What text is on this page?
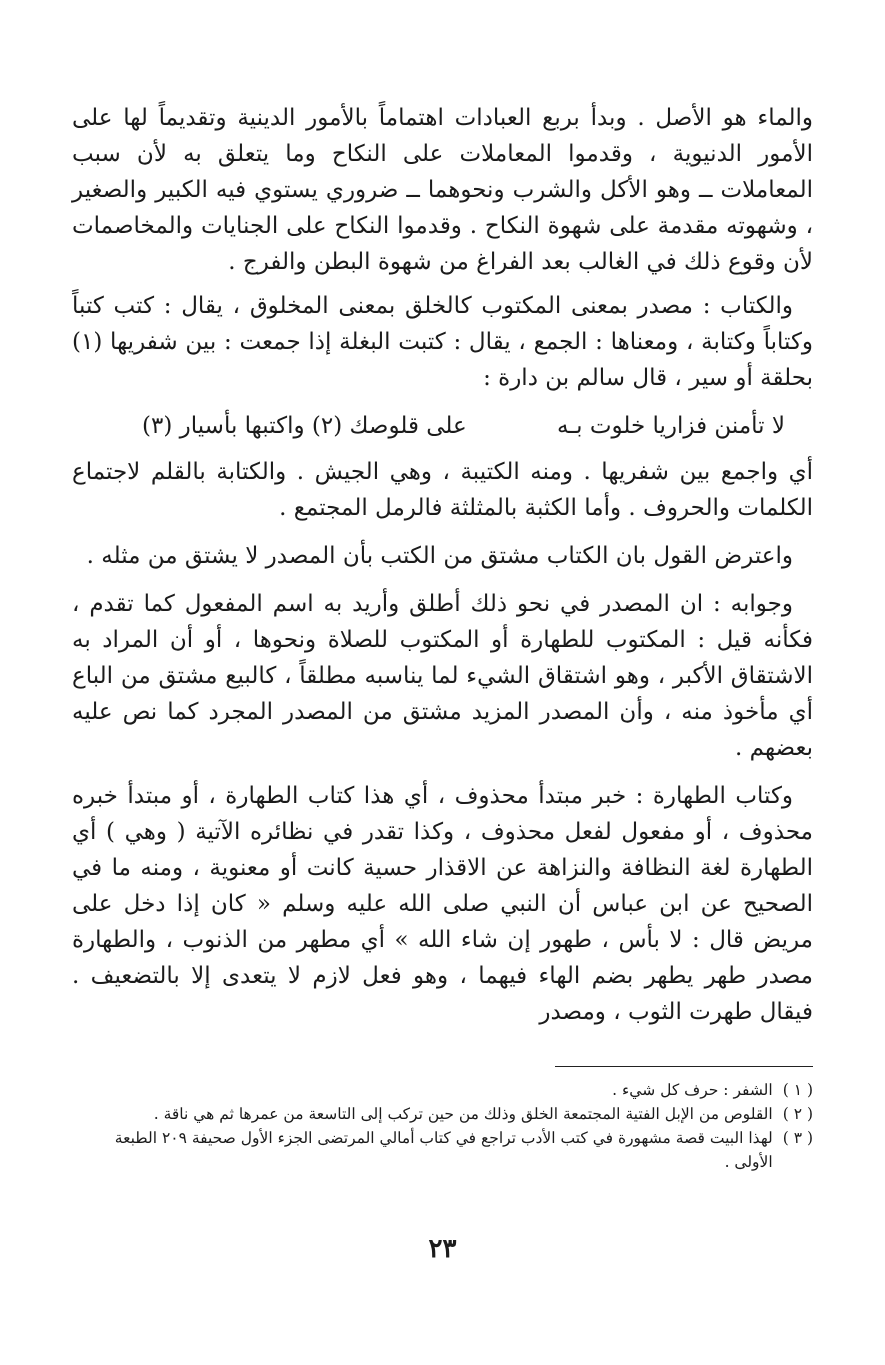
والماء هو الأصل . وبدأ بربع العبادات اهتماماً بالأمور الدينية وتقديماً لها على الأمور الدنيوية ، وقدموا المعاملات على النكاح وما يتعلق به لأن سبب المعاملات ــ وهو الأكل والشرب ونحوهما ــ ضروري يستوي فيه الكبير والصغير ، وشهوته مقدمة على شهوة النكاح . وقدموا النكاح على الجنايات والمخاصمات لأن وقوع ذلك في الغالب بعد الفراغ من شهوة البطن والفرج .

والكتاب : مصدر بمعنى المكتوب كالخلق بمعنى المخلوق ، يقال : كتب كتباً وكتاباً وكتابة ، ومعناها : الجمع ، يقال : كتبت البغلة إذا جمعت : بين شفريها (١) بحلقة أو سير ، قال سالم بن دارة :

لا تأمنن فزاريا خلوت بـه
على قلوصك (٢) واكتبها بأسيار (٣)

أي واجمع بين شفريها . ومنه الكتيبة ، وهي الجيش . والكتابة بالقلم لاجتماع الكلمات والحروف . وأما الكثبة بالمثلثة فالرمل المجتمع .

واعترض القول بان الكتاب مشتق من الكتب بأن المصدر لا يشتق من مثله .

وجوابه : ان المصدر في نحو ذلك أطلق وأريد به اسم المفعول كما تقدم ، فكأنه قيل : المكتوب للطهارة أو المكتوب للصلاة ونحوها ، أو أن المراد به الاشتقاق الأكبر ، وهو اشتقاق الشيء لما يناسبه مطلقاً ، كالبيع مشتق من الباع أي مأخوذ منه ، وأن المصدر المزيد مشتق من المصدر المجرد كما نص عليه بعضهم .

وكتاب الطهارة : خبر مبتدأ محذوف ، أي هذا كتاب الطهارة ، أو مبتدأ خبره محذوف ، أو مفعول لفعل محذوف ، وكذا تقدر في نظائره الآتية ( وهي ) أي الطهارة لغة النظافة والنزاهة عن الاقذار حسية كانت أو معنوية ، ومنه ما في الصحيح عن ابن عباس أن النبي صلى الله عليه وسلم « كان إذا دخل على مريض قال : لا بأس ، طهور إن شاء الله » أي مطهر من الذنوب ، والطهارة مصدر طهر يطهر بضم الهاء فيهما ، وهو فعل لازم لا يتعدى إلا بالتضعيف . فيقال طهرت الثوب ، ومصدر

( ١ )
الشفر : حرف كل شيء .
( ٢ )
القلوص من الإبل الفتية المجتمعة الخلق وذلك من حين تركب إلى التاسعة من عمرها ثم هي ناقة .
( ٣ )
لهذا البيت قصة مشهورة في كتب الأدب تراجع في كتاب أمالي المرتضى الجزء الأول صحيفة ٢٠٩ الطبعة الأولى .
٢٣
